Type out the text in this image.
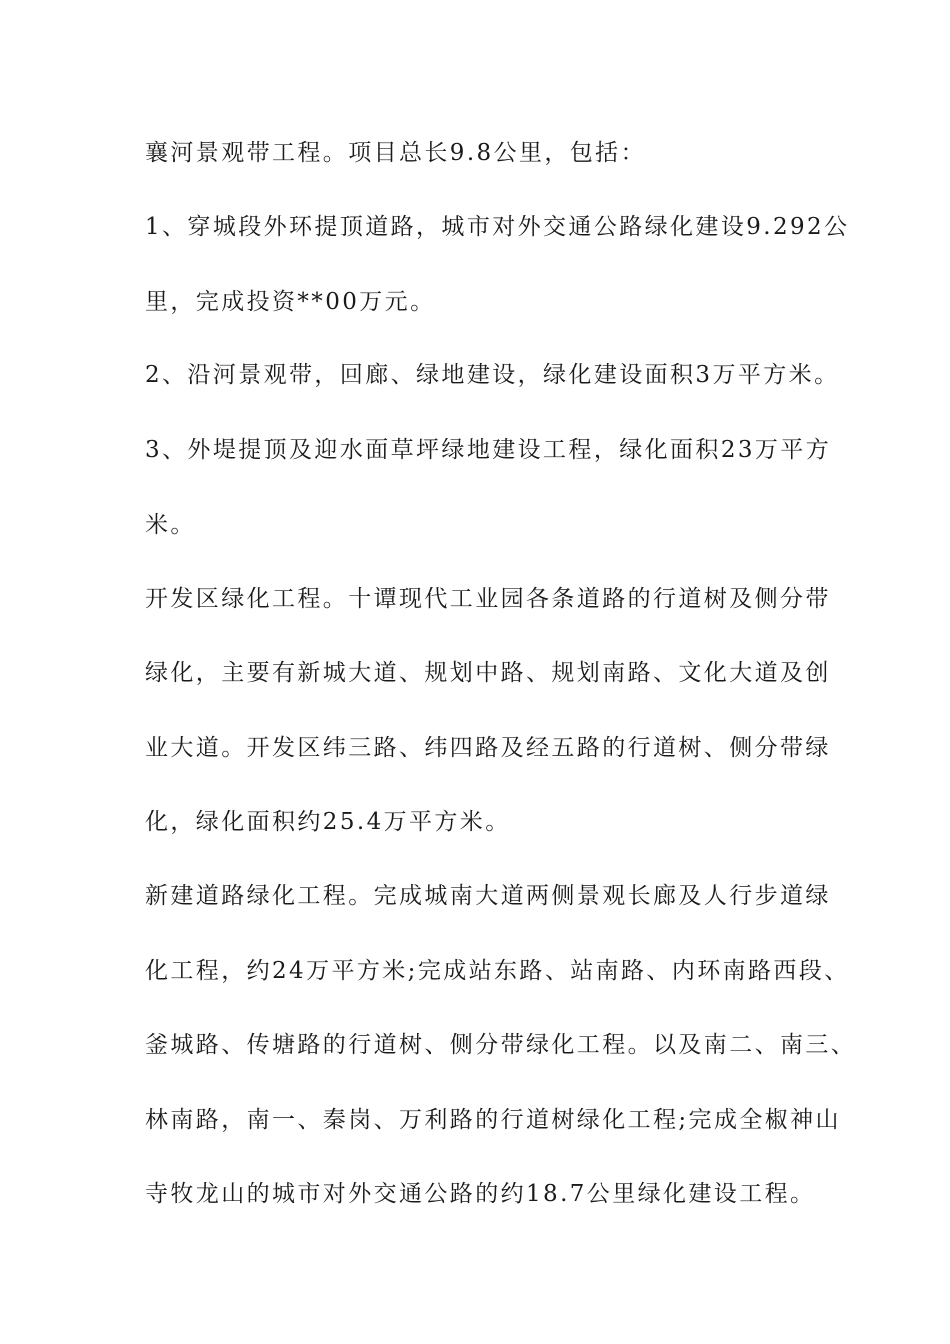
襄河景观带工程。项目总长9.8公里，包括：
1、穿城段外环提顶道路，城市对外交通公路绿化建设9.292公
里，完成投资**00万元。
2、沿河景观带，回廊、绿地建设，绿化建设面积3万平方米。
3、外堤提顶及迎水面草坪绿地建设工程，绿化面积23万平方
米。
开发区绿化工程。十谭现代工业园各条道路的行道树及侧分带
绿化，主要有新城大道、规划中路、规划南路、文化大道及创
业大道。开发区纬三路、纬四路及经五路的行道树、侧分带绿
化，绿化面积约25.4万平方米。
新建道路绿化工程。完成城南大道两侧景观长廊及人行步道绿
化工程，约24万平方米;完成站东路、站南路、内环南路西段、
釜城路、传塘路的行道树、侧分带绿化工程。以及南二、南三、
林南路，南一、秦岗、万利路的行道树绿化工程;完成全椒神山
寺牧龙山的城市对外交通公路的约18.7公里绿化建设工程。
